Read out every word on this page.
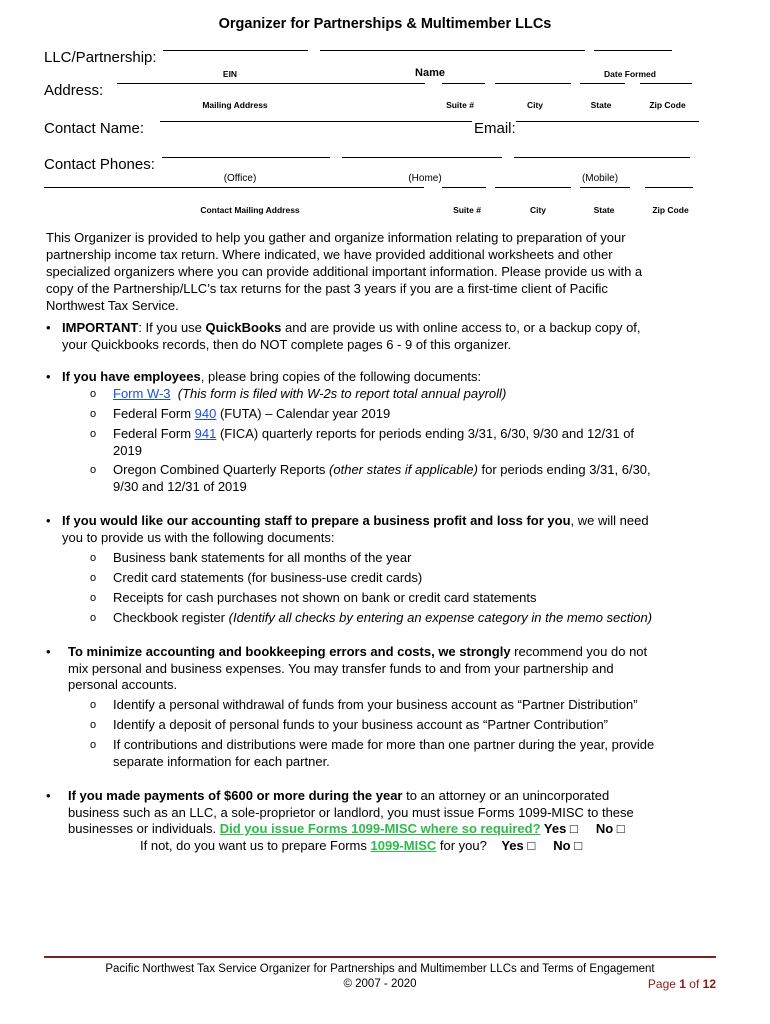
Organizer for Partnerships & Multimember LLCs
LLC/Partnership:
EIN	Name	Date Formed
Address:
Mailing Address	Suite #	City	State	Zip Code
Contact Name:	Email:
Contact Phones:
(Office)	(Home)	(Mobile)
Contact Mailing Address	Suite #	City	State	Zip Code
This Organizer is provided to help you gather and organize information relating to preparation of your
partnership income tax return. Where indicated, we have provided additional worksheets and other
specialized organizers where you can provide additional important information. Please provide us with a
copy of the Partnership/LLC’s tax returns for the past 3 years if you are a first-time client of Pacific
Northwest Tax Service.
• IMPORTANT: If you use QuickBooks and are provide us with online access to, or a backup copy of,
your Quickbooks records, then do NOT complete pages 6 - 9 of this organizer.
• If you have employees, please bring copies of the following documents:
o Form W-3 (This form is filed with W-2s to report total annual payroll)
o Federal Form 940 (FUTA) – Calendar year 2019
o Federal Form 941 (FICA) quarterly reports for periods ending 3/31, 6/30, 9/30 and 12/31 of
2019
o Oregon Combined Quarterly Reports (other states if applicable) for periods ending 3/31, 6/30,
9/30 and 12/31 of 2019
• If you would like our accounting staff to prepare a business profit and loss for you, we will need
you to provide us with the following documents:
o Business bank statements for all months of the year
o Credit card statements (for business-use credit cards)
o Receipts for cash purchases not shown on bank or credit card statements
o Checkbook register (Identify all checks by entering an expense category in the memo section)
• To minimize accounting and bookkeeping errors and costs, we strongly recommend you do not
mix personal and business expenses. You may transfer funds to and from your partnership and
personal accounts.
o Identify a personal withdrawal of funds from your business account as “Partner Distribution”
o Identify a deposit of personal funds to your business account as “Partner Contribution”
o If contributions and distributions were made for more than one partner during the year, provide
separate information for each partner.
• If you made payments of $600 or more during the year to an attorney or an unincorporated
business such as an LLC, a sole-proprietor or landlord, you must issue Forms 1099-MISC to these
businesses or individuals. Did you issue Forms 1099-MISC where so required? Yes □ No □
If not, do you want us to prepare Forms 1099-MISC for you? Yes □ No □
Pacific Northwest Tax Service Organizer for Partnerships and Multimember LLCs and Terms of Engagement
© 2007 - 2020	Page 1 of 12
